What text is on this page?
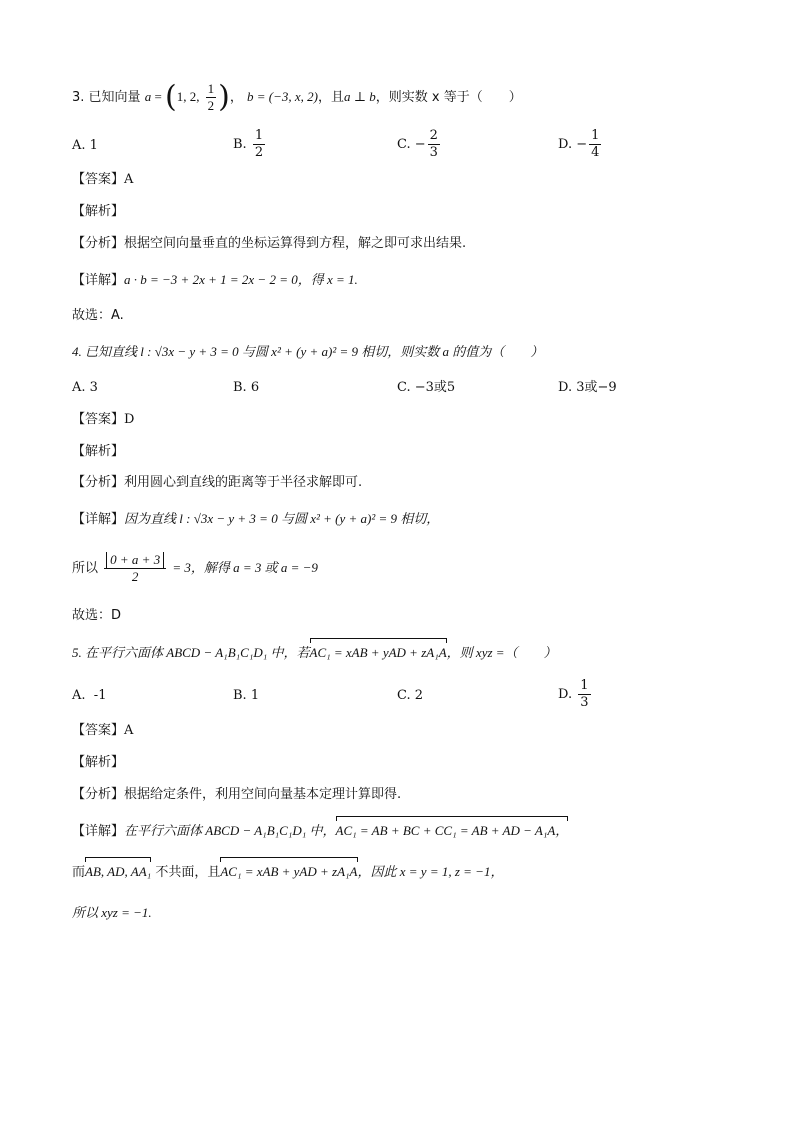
3. 已知向量 a = (1, 2, $\frac{1}{2}$ )， b = (−3, x, 2)，且a ⊥ b，则实数 x 等于（　　）
A. 1	B. $\frac{1}{2}$	C. − $\frac{2}{3}$	D. − $\frac{1}{4}$
【答案】A
【解析】
【分析】根据空间向量垂直的坐标运算得到方程，解之即可求出结果.
【详解】a · b = −3 + 2x + 1 = 2x − 2 = 0，得 x = 1.
故选：A.
4. 已知直线 l : √3x − y + 3 = 0 与圆 x² + (y + a)² = 9 相切，则实数 a 的值为（　　）
A. 3	B. 6	C. −3或5	D. 3或−9
【答案】D
【解析】
【分析】利用圆心到直线的距离等于半径求解即可.
【详解】因为直线 l : √3x − y + 3 = 0 与圆 x² + (y + a)² = 9 相切，
所以 $\frac{0 + a + 3}{2} = 3$，解得 a = 3 或 a = −9
故选：D
5. 在平行六面体 ABCD − A₁B₁C₁D₁ 中，若AC₁ = xAB + yAD + zA₁A，则 xyz =（　　）
A. -1	B. 1	C. 2	D. $\frac{1}{3}$
【答案】A
【解析】
【分析】根据给定条件，利用空间向量基本定理计算即得.
【详解】在平行六面体 ABCD − A₁B₁C₁D₁ 中，AC₁ = AB + BC + CC₁ = AB + AD − A₁A，
而AB, AD, AA₁ 不共面，且AC₁ = xAB + yAD + zA₁A，因此 x = y = 1, z = −1，
所以 xyz = −1.
